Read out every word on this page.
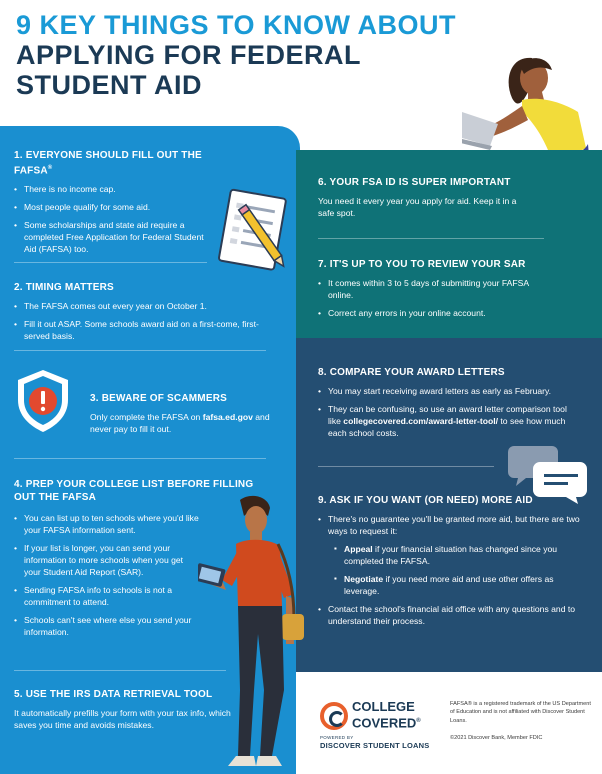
9 KEY THINGS TO KNOW ABOUT
APPLYING FOR FEDERAL
STUDENT AID
1. EVERYONE SHOULD FILL OUT THE FAFSA®
• There is no income cap.
• Most people qualify for some aid.
• Some scholarships and state aid require a completed Free Application for Federal Student Aid (FAFSA) too.
2. TIMING MATTERS
• The FAFSA comes out every year on October 1.
• Fill it out ASAP. Some schools award aid on a first-come, first-served basis.
3. BEWARE OF SCAMMERS

Only complete the FAFSA on fafsa.ed.gov and never pay to fill it out.

4. PREP YOUR COLLEGE LIST BEFORE FILLING OUT THE FAFSA
• You can list up to ten schools where you'd like your FAFSA information sent.
• If your list is longer, you can send your information to more schools when you get your Student Aid Report (SAR).
• Sending FAFSA info to schools is not a commitment to attend.
• Schools can't see where else you send your information.
5. USE THE IRS DATA RETRIEVAL TOOL

It automatically prefills your form with your tax info, which saves you time and avoids mistakes.

6. YOUR FSA ID IS SUPER IMPORTANT

You need it every year you apply for aid. Keep it in a safe spot.

7. IT'S UP TO YOU TO REVIEW YOUR SAR
• It comes within 3 to 5 days of submitting your FAFSA online.
• Correct any errors in your online account.
8. COMPARE YOUR AWARD LETTERS
• You may start receiving award letters as early as February.
• They can be confusing, so use an award letter comparison tool like collegecovered.com/award-letter-tool/ to see how much each school costs.
9. ASK IF YOU WANT (OR NEED) MORE AID
• There's no guarantee you'll be granted more aid, but there are two ways to request it:
▪ Appeal if your financial situation has changed since you completed the FAFSA.
▪ Negotiate if you need more aid and use other offers as leverage.
• Contact the school's financial aid office with any questions and to understand their process.
COLLEGE
COVERED®
POWERED BY
DISCOVER STUDENT LOANS
FAFSA® is a registered trademark of the US Department of Education and is not affiliated with Discover Student Loans.
©2021 Discover Bank, Member FDIC
